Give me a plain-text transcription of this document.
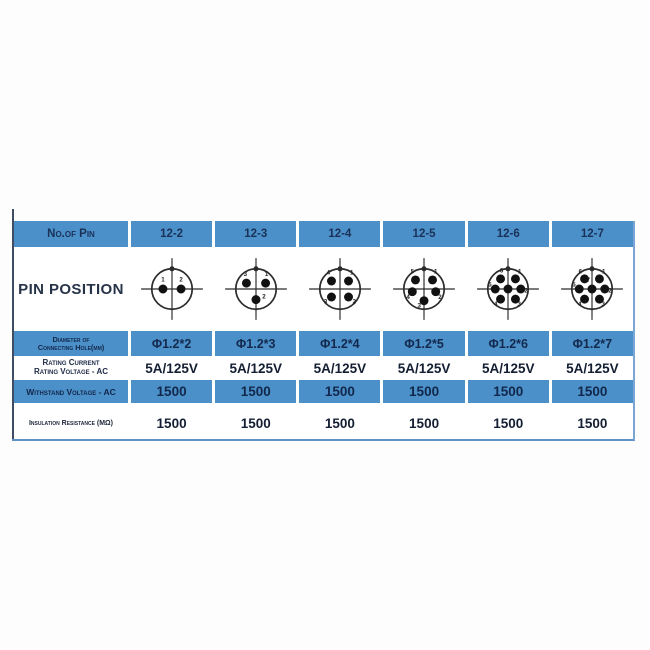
No.of Pin	12-2	12-3	12-4	12-5	12-6	12-7
PIN POSITION
1	2
3	1
2
4	1
3	2
5	1
4	2
3
6	1
5
2
4	3
6	1
5
2
4	3
7
Diameter of
Connecting Hole(mm)	Φ1.2*2	Φ1.2*3	Φ1.2*4	Φ1.2*5	Φ1.2*6	Φ1.2*7
Rating Current
Rating Voltage - AC	5A/125V	5A/125V	5A/125V	5A/125V	5A/125V	5A/125V
Withstand Voltage - AC	1500	1500	1500	1500	1500	1500
Insulation Resistance (MΩ)	1500	1500	1500	1500	1500	1500
